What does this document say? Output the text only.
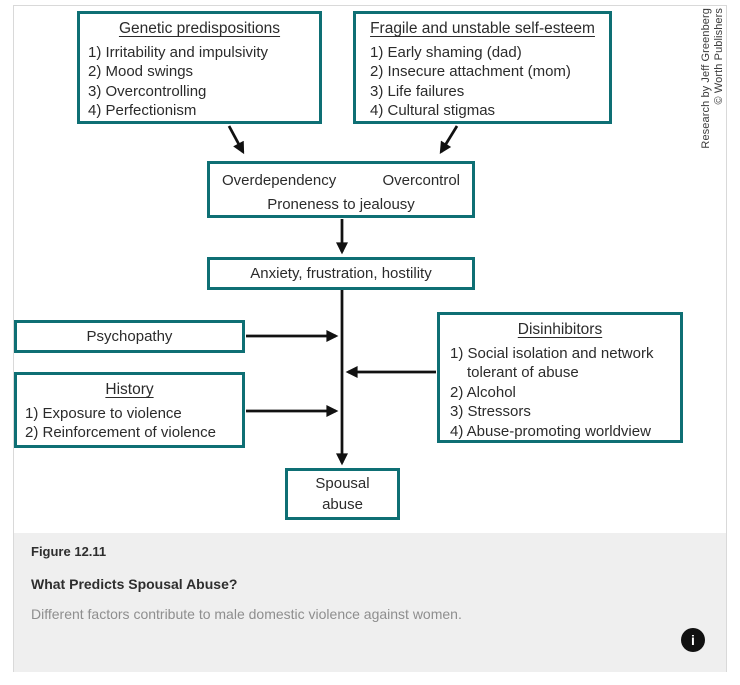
Genetic predispositions
1) Irritability and impulsivity
2) Mood swings
3) Overcontrolling
4) Perfectionism
Fragile and unstable self-esteem
1) Early shaming (dad)
2) Insecure attachment (mom)
3) Life failures
4) Cultural stigmas
Overdependency	Overcontrol
Proneness to jealousy
Anxiety, frustration, hostility
Psychopathy
History
1) Exposure to violence
2) Reinforcement of violence
Disinhibitors
1) Social isolation and network tolerant of abuse
2) Alcohol
3) Stressors
4) Abuse-promoting worldview
Spousal
abuse
Research by Jeff Greenberg © Worth Publishers
Figure 12.11
What Predicts Spousal Abuse?
Different factors contribute to male domestic violence against women.
i
